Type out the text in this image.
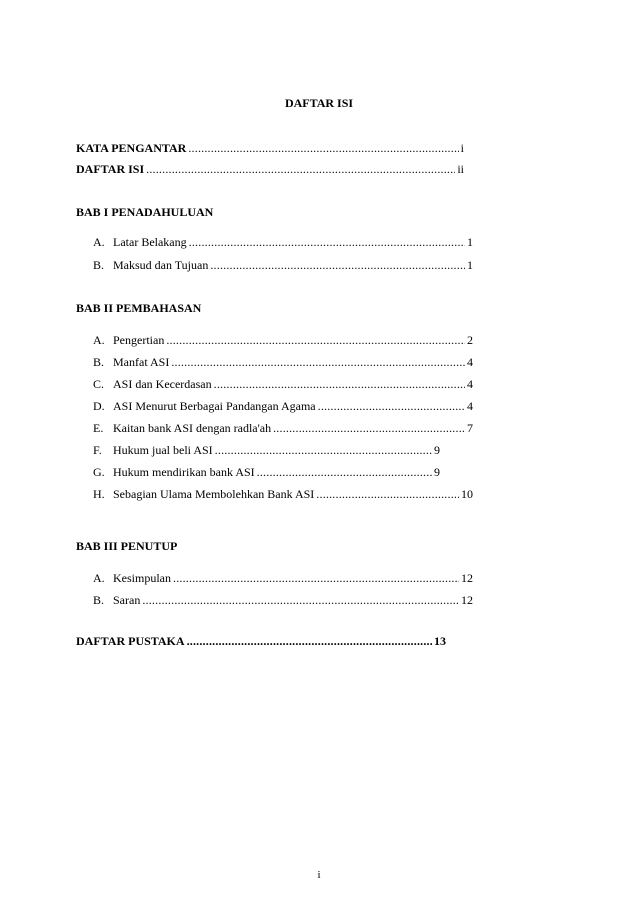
DAFTAR ISI
KATA PENGANTAR .....	i
DAFTAR ISI .....	ii
BAB I PENADAHULUAN
A. Latar Belakang .....	1
B. Maksud dan Tujuan .....	1
BAB II PEMBAHASAN
A. Pengertian .....	2
B. Manfat ASI .....	4
C. ASI dan Kecerdasan .....	4
D. ASI Menurut Berbagai Pandangan Agama .....	4
E. Kaitan bank ASI dengan radla'ah .....	7
F. Hukum jual beli ASI .....	9
G. Hukum mendirikan bank ASI .....	9
H. Sebagian Ulama Membolehkan Bank ASI .....	10
BAB III PENUTUP
A. Kesimpulan .....	12
B. Saran .....	12
DAFTAR PUSTAKA .....	13
i
